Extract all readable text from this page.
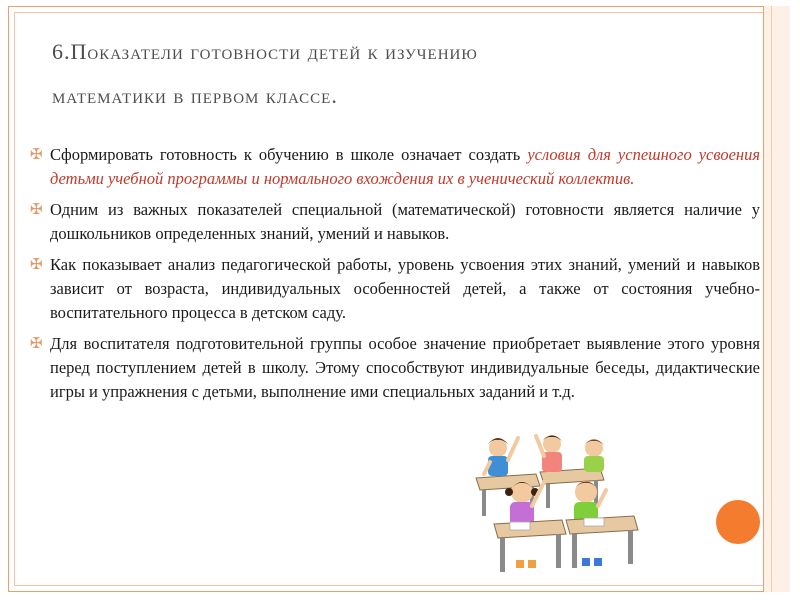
6.Показатели готовности детей к изучению
математики в первом классе.

✠ Сформировать готовность к обучению в школе означает создать условия для успешного усвоения детьми учебной программы и нормального вхождения их в ученический коллектив.

✠ Одним из важных показателей специальной (математической) готовности является наличие у дошкольников определенных знаний, умений и навыков.

✠ Как показывает анализ педагогической работы, уровень усвоения этих знаний, умений и навыков зависит от возраста, индивидуальных особенностей детей, а также от состояния учебно-воспитательного процесса в детском саду.

✠ Для воспитателя подготовительной группы особое значение приобретает выявление этого уровня перед поступлением детей в школу. Этому способствуют индивидуальные беседы, дидактические игры и упражнения с детьми, выполнение ими специальных заданий и т.д.
